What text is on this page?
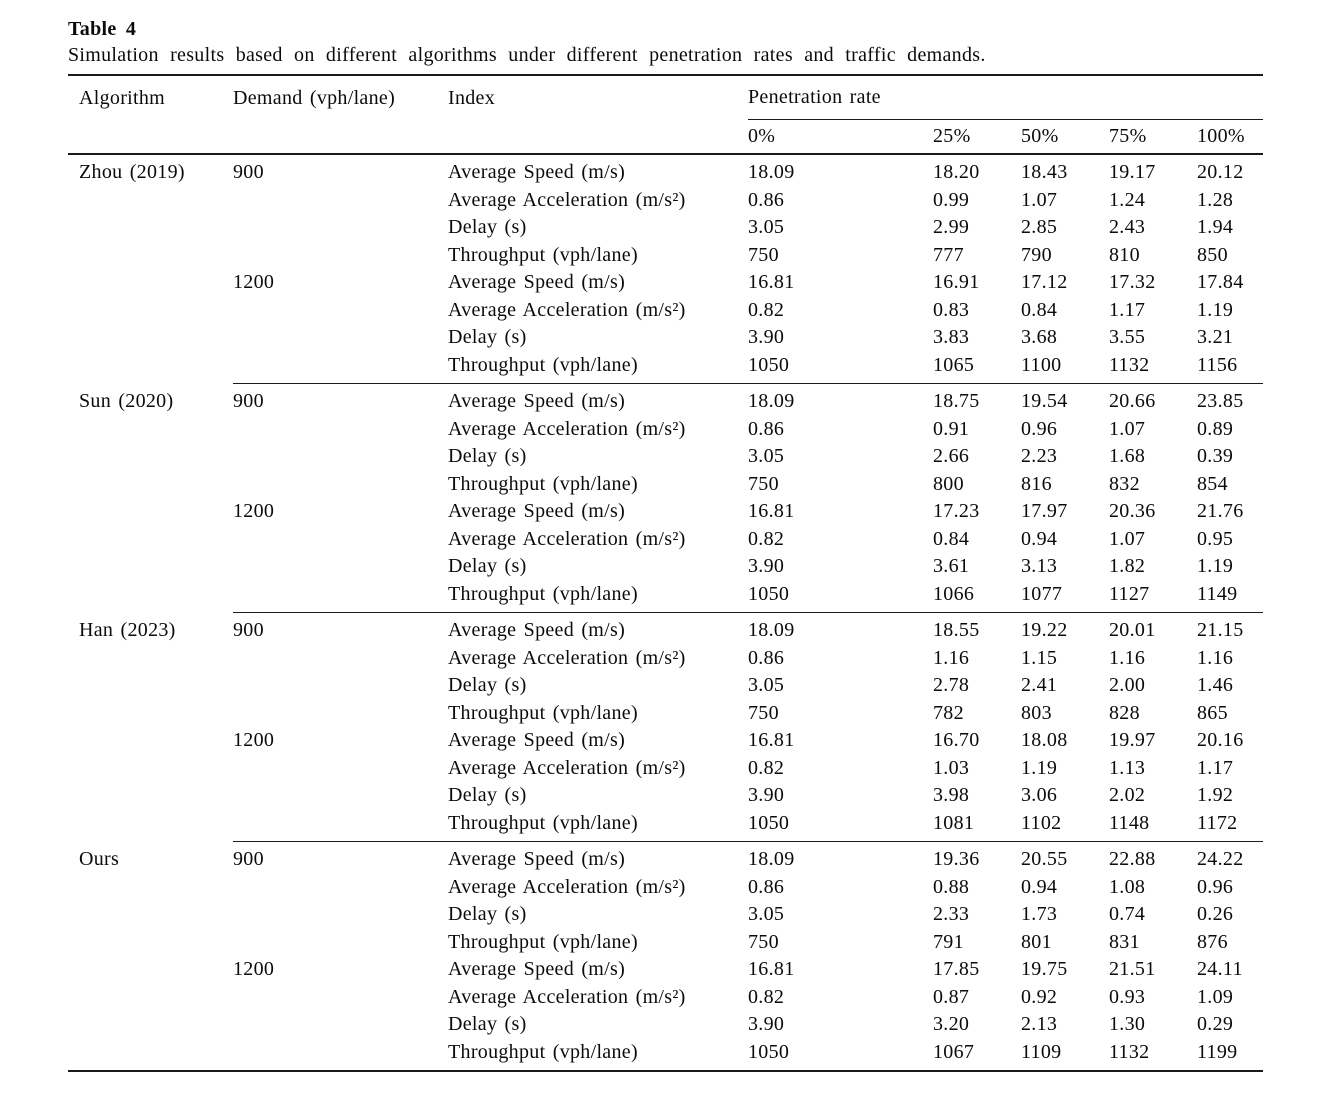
Table 4
Simulation results based on different algorithms under different penetration rates and traffic demands.
Algorithm	Demand (vph/lane)	Index	Penetration rate
0%	25%	50%	75%	100%
Zhou (2019)	900	Average Speed (m/s)	18.09	18.20	18.43	19.17	20.12
Average Acceleration (m/s²)	0.86	0.99	1.07	1.24	1.28
Delay (s)	3.05	2.99	2.85	2.43	1.94
Throughput (vph/lane)	750	777	790	810	850
1200	Average Speed (m/s)	16.81	16.91	17.12	17.32	17.84
Average Acceleration (m/s²)	0.82	0.83	0.84	1.17	1.19
Delay (s)	3.90	3.83	3.68	3.55	3.21
Throughput (vph/lane)	1050	1065	1100	1132	1156
Sun (2020)	900	Average Speed (m/s)	18.09	18.75	19.54	20.66	23.85
Average Acceleration (m/s²)	0.86	0.91	0.96	1.07	0.89
Delay (s)	3.05	2.66	2.23	1.68	0.39
Throughput (vph/lane)	750	800	816	832	854
1200	Average Speed (m/s)	16.81	17.23	17.97	20.36	21.76
Average Acceleration (m/s²)	0.82	0.84	0.94	1.07	0.95
Delay (s)	3.90	3.61	3.13	1.82	1.19
Throughput (vph/lane)	1050	1066	1077	1127	1149
Han (2023)	900	Average Speed (m/s)	18.09	18.55	19.22	20.01	21.15
Average Acceleration (m/s²)	0.86	1.16	1.15	1.16	1.16
Delay (s)	3.05	2.78	2.41	2.00	1.46
Throughput (vph/lane)	750	782	803	828	865
1200	Average Speed (m/s)	16.81	16.70	18.08	19.97	20.16
Average Acceleration (m/s²)	0.82	1.03	1.19	1.13	1.17
Delay (s)	3.90	3.98	3.06	2.02	1.92
Throughput (vph/lane)	1050	1081	1102	1148	1172
Ours	900	Average Speed (m/s)	18.09	19.36	20.55	22.88	24.22
Average Acceleration (m/s²)	0.86	0.88	0.94	1.08	0.96
Delay (s)	3.05	2.33	1.73	0.74	0.26
Throughput (vph/lane)	750	791	801	831	876
1200	Average Speed (m/s)	16.81	17.85	19.75	21.51	24.11
Average Acceleration (m/s²)	0.82	0.87	0.92	0.93	1.09
Delay (s)	3.90	3.20	2.13	1.30	0.29
Throughput (vph/lane)	1050	1067	1109	1132	1199
